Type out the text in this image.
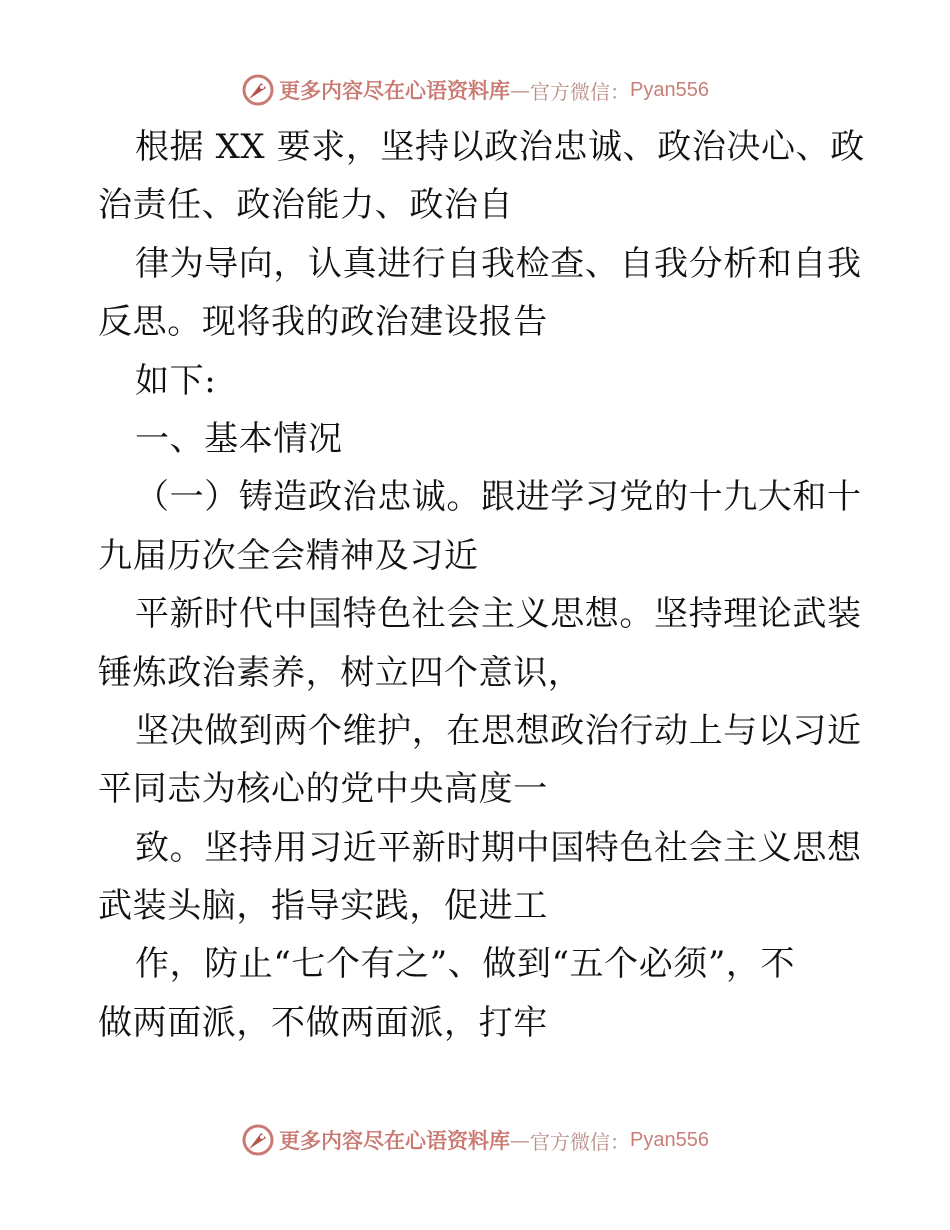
更多内容尽在心语资料库 — 官方微信： Pyan556
根据 XX 要求，坚持以政治忠诚、政治决心、政
治责任、政治能力、政治自
律为导向，认真进行自我检查、自我分析和自我
反思。现将我的政治建设报告
如下:
一、基本情况
（一）铸造政治忠诚。跟进学习党的十九大和十
九届历次全会精神及习近
平新时代中国特色社会主义思想。坚持理论武装
锤炼政治素养，树立四个意识，
坚决做到两个维护，在思想政治行动上与以习近
平同志为核心的党中央高度一
致。坚持用习近平新时期中国特色社会主义思想
武装头脑，指导实践，促进工
作，防止“七个有之”、做到“五个必须”，不
做两面派，不做两面派，打牢
更多内容尽在心语资料库 — 官方微信： Pyan556
